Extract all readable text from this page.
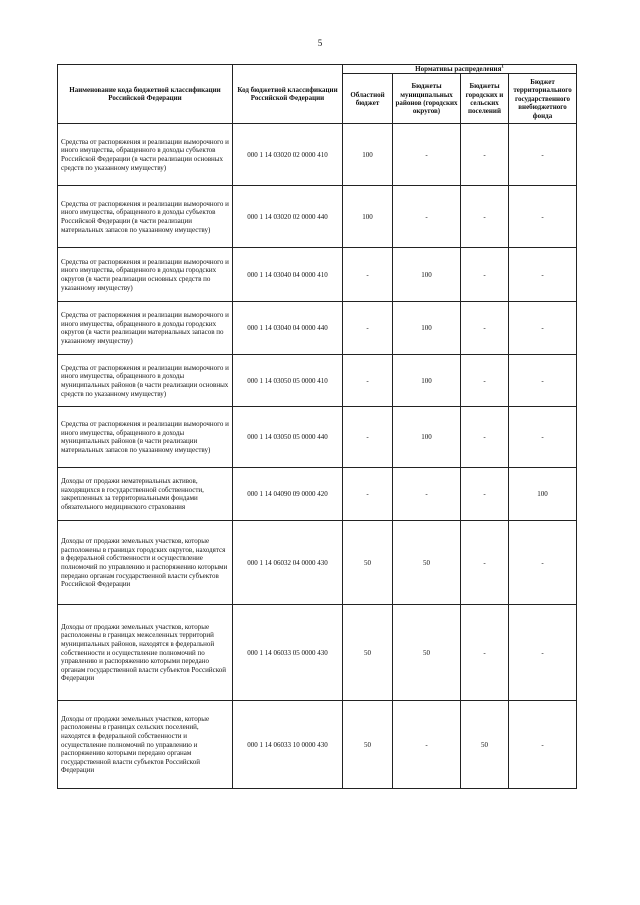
5
Наименование кода бюджетной классификации Российской Федерации	Код бюджетной классификации Российской Федерации	Нормативы распределения$^1$
		Областной бюджет	Бюджеты муниципальных районов (городских округов)	Бюджеты городских и сельских поселений	Бюджет территориального государственного внебюджетного фонда
Средства от распоряжения и реализации выморочного и иного имущества, обращенного в доходы субъектов Российской Федерации (в части реализации основных средств по указанному имуществу)	000 1 14 03020 02 0000 410	100	-	-	-
Средства от распоряжения и реализации выморочного и иного имущества, обращенного в доходы субъектов Российской Федерации (в части реализации материальных запасов по указанному имуществу)	000 1 14 03020 02 0000 440	100	-	-	-
Средства от распоряжения и реализации выморочного и иного имущества, обращенного в доходы городских округов (в части реализации основных средств по указанному имуществу)	000 1 14 03040 04 0000 410	-	100	-	-
Средства от распоряжения и реализации выморочного и иного имущества, обращенного в доходы городских округов (в части реализации материальных запасов по указанному имуществу)	000 1 14 03040 04 0000 440	-	100	-	-
Средства от распоряжения и реализации выморочного и иного имущества, обращенного в доходы муниципальных районов (в части реализации основных средств по указанному имуществу)	000 1 14 03050 05 0000 410	-	100	-	-
Средства от распоряжения и реализации выморочного и иного имущества, обращенного в доходы муниципальных районов (в части реализации материальных запасов по указанному имуществу)	000 1 14 03050 05 0000 440	-	100	-	-
Доходы от продажи нематериальных активов, находящихся в государственной собственности, закрепленных за территориальными фондами обязательного медицинского страхования	000 1 14 04090 09 0000 420	-	-	-	100
Доходы от продажи земельных участков, которые расположены в границах городских округов, находятся в федеральной собственности и осуществление полномочий по управлению и распоряжению которыми передано органам государственной власти субъектов Российской Федерации	000 1 14 06032 04 0000 430	50	50	-	-
Доходы от продажи земельных участков, которые расположены в границах межселенных территорий муниципальных районов, находятся в федеральной собственности и осуществление полномочий по управлению и распоряжению которыми передано органам государственной власти субъектов Российской Федерации	000 1 14 06033 05 0000 430	50	50	-	-
Доходы от продажи земельных участков, которые расположены в границах сельских поселений, находятся в федеральной собственности и осуществление полномочий по управлению и распоряжению которыми передано органам государственной власти субъектов Российской Федерации	000 1 14 06033 10 0000 430	50	-	50	-
